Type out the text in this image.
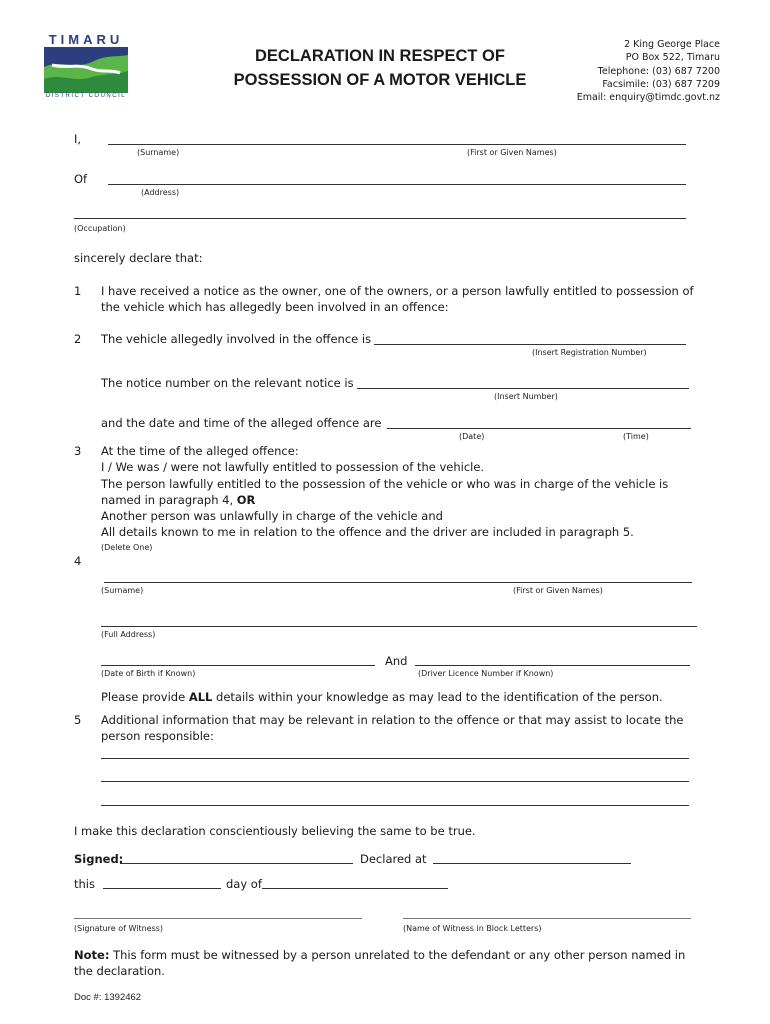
TIMARU
DISTRICT COUNCIL
DECLARATION IN RESPECT OF
POSSESSION OF A MOTOR VEHICLE
2 King George Place
PO Box 522, Timaru
Telephone: (03) 687 7200
Facsimile: (03) 687 7209
Email: enquiry@timdc.govt.nz
I,
(Surname)	(First or Given Names)
Of
(Address)
(Occupation)
sincerely declare that:
1 I have received a notice as the owner, one of the owners, or a person lawfully entitled to possession of
the vehicle which has allegedly been involved in an offence:
2 The vehicle allegedly involved in the offence is
(Insert Registration Number)
The notice number on the relevant notice is
(Insert Number)
and the date and time of the alleged offence are
(Date)	(Time)
3 At the time of the alleged offence:
I / We was / were not lawfully entitled to possession of the vehicle.
The person lawfully entitled to the possession of the vehicle or who was in charge of the vehicle is
named in paragraph 4, OR
Another person was unlawfully in charge of the vehicle and
All details known to me in relation to the offence and the driver are included in paragraph 5.
(Delete One)
4
(Surname)	(First or Given Names)
(Full Address)
And
(Date of Birth if Known)	(Driver Licence Number if Known)
Please provide ALL details within your knowledge as may lead to the identification of the person.
5 Additional information that may be relevant in relation to the offence or that may assist to locate the
person responsible:
I make this declaration conscientiously believing the same to be true.
Signed:	Declared at
this	day of
(Signature of Witness)	(Name of Witness in Block Letters)
Note: This form must be witnessed by a person unrelated to the defendant or any other person named in
the declaration.
Doc #: 1392462
